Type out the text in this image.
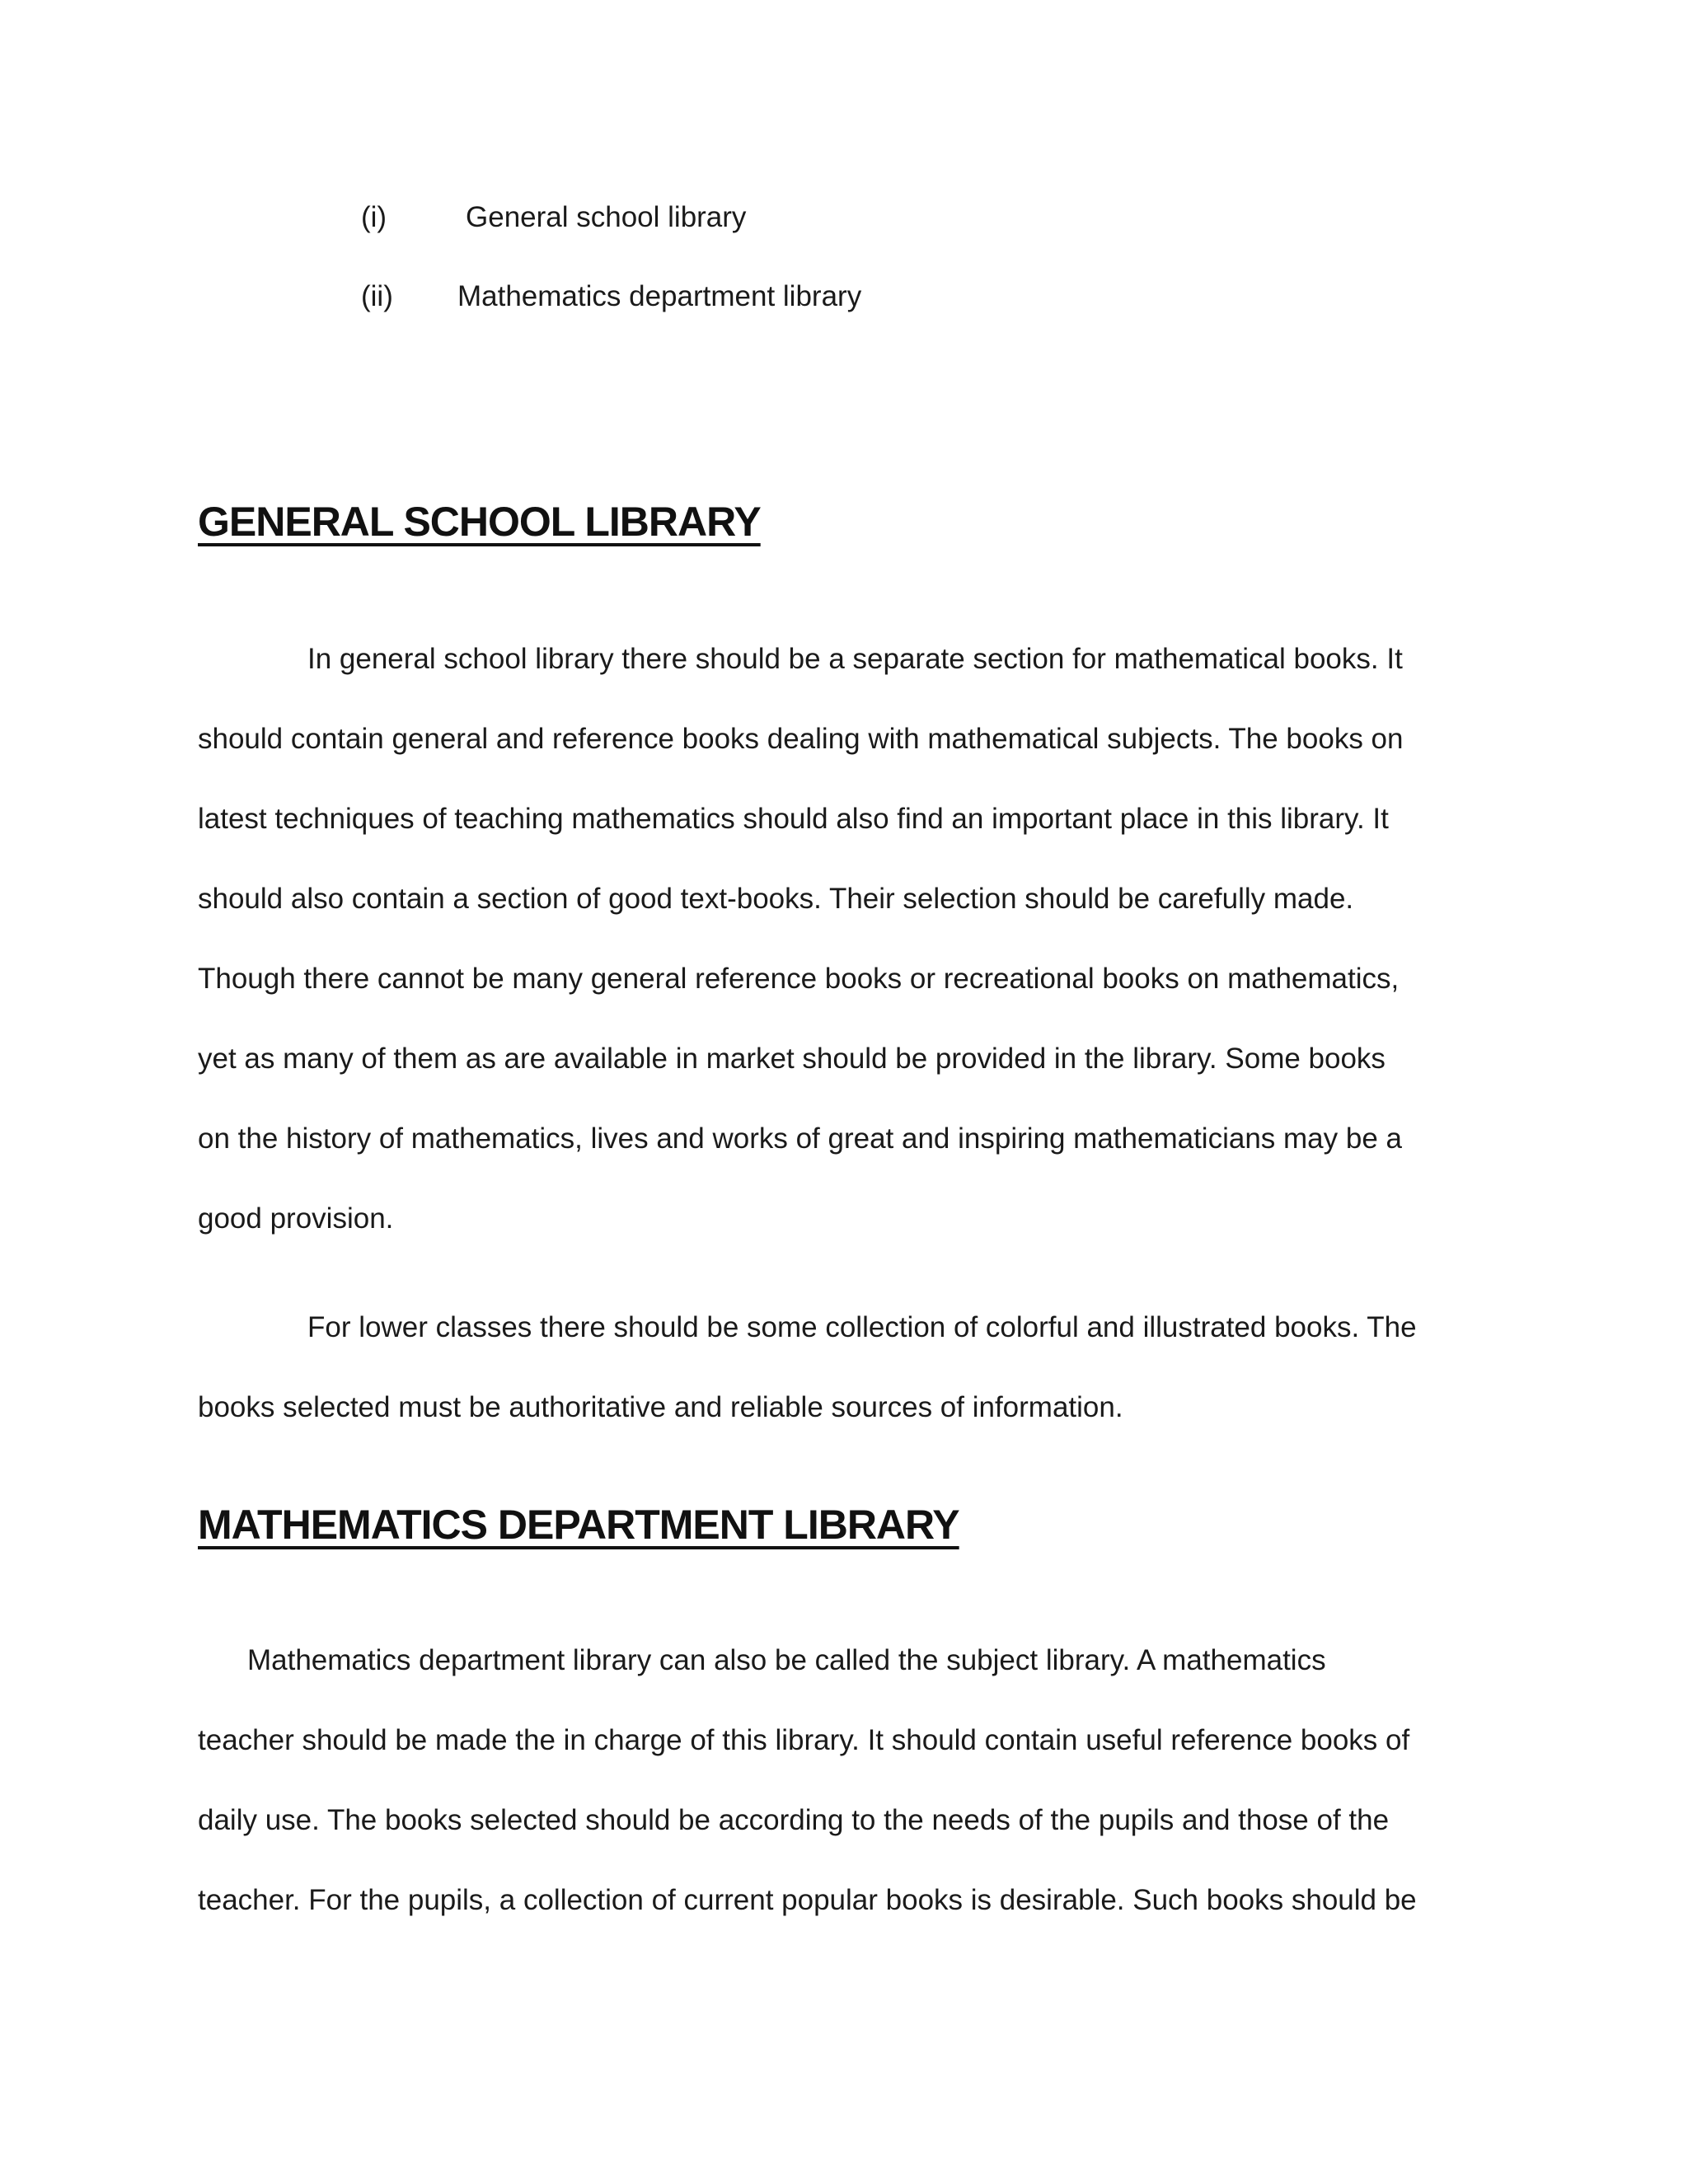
(i)	General school library
(ii) Mathematics department library
GENERAL SCHOOL LIBRARY
In general school library there should be a separate section for mathematical books. It
should contain general and reference books dealing with mathematical subjects. The books on
latest techniques of teaching mathematics should also find an important place in this library. It
should also contain a section of good text-books. Their selection should be carefully made.
Though there cannot be many general reference books or recreational books on mathematics,
yet as many of them as are available in market should be provided in the library. Some books
on the history of mathematics, lives and works of great and inspiring mathematicians may be a
good provision.
For lower classes there should be some collection of colorful and illustrated books. The
books selected must be authoritative and reliable sources of information.
MATHEMATICS DEPARTMENT LIBRARY
Mathematics department library can also be called the subject library. A mathematics
teacher should be made the in charge of this library. It should contain useful reference books of
daily use. The books selected should be according to the needs of the pupils and those of the
teacher. For the pupils, a collection of current popular books is desirable. Such books should be
